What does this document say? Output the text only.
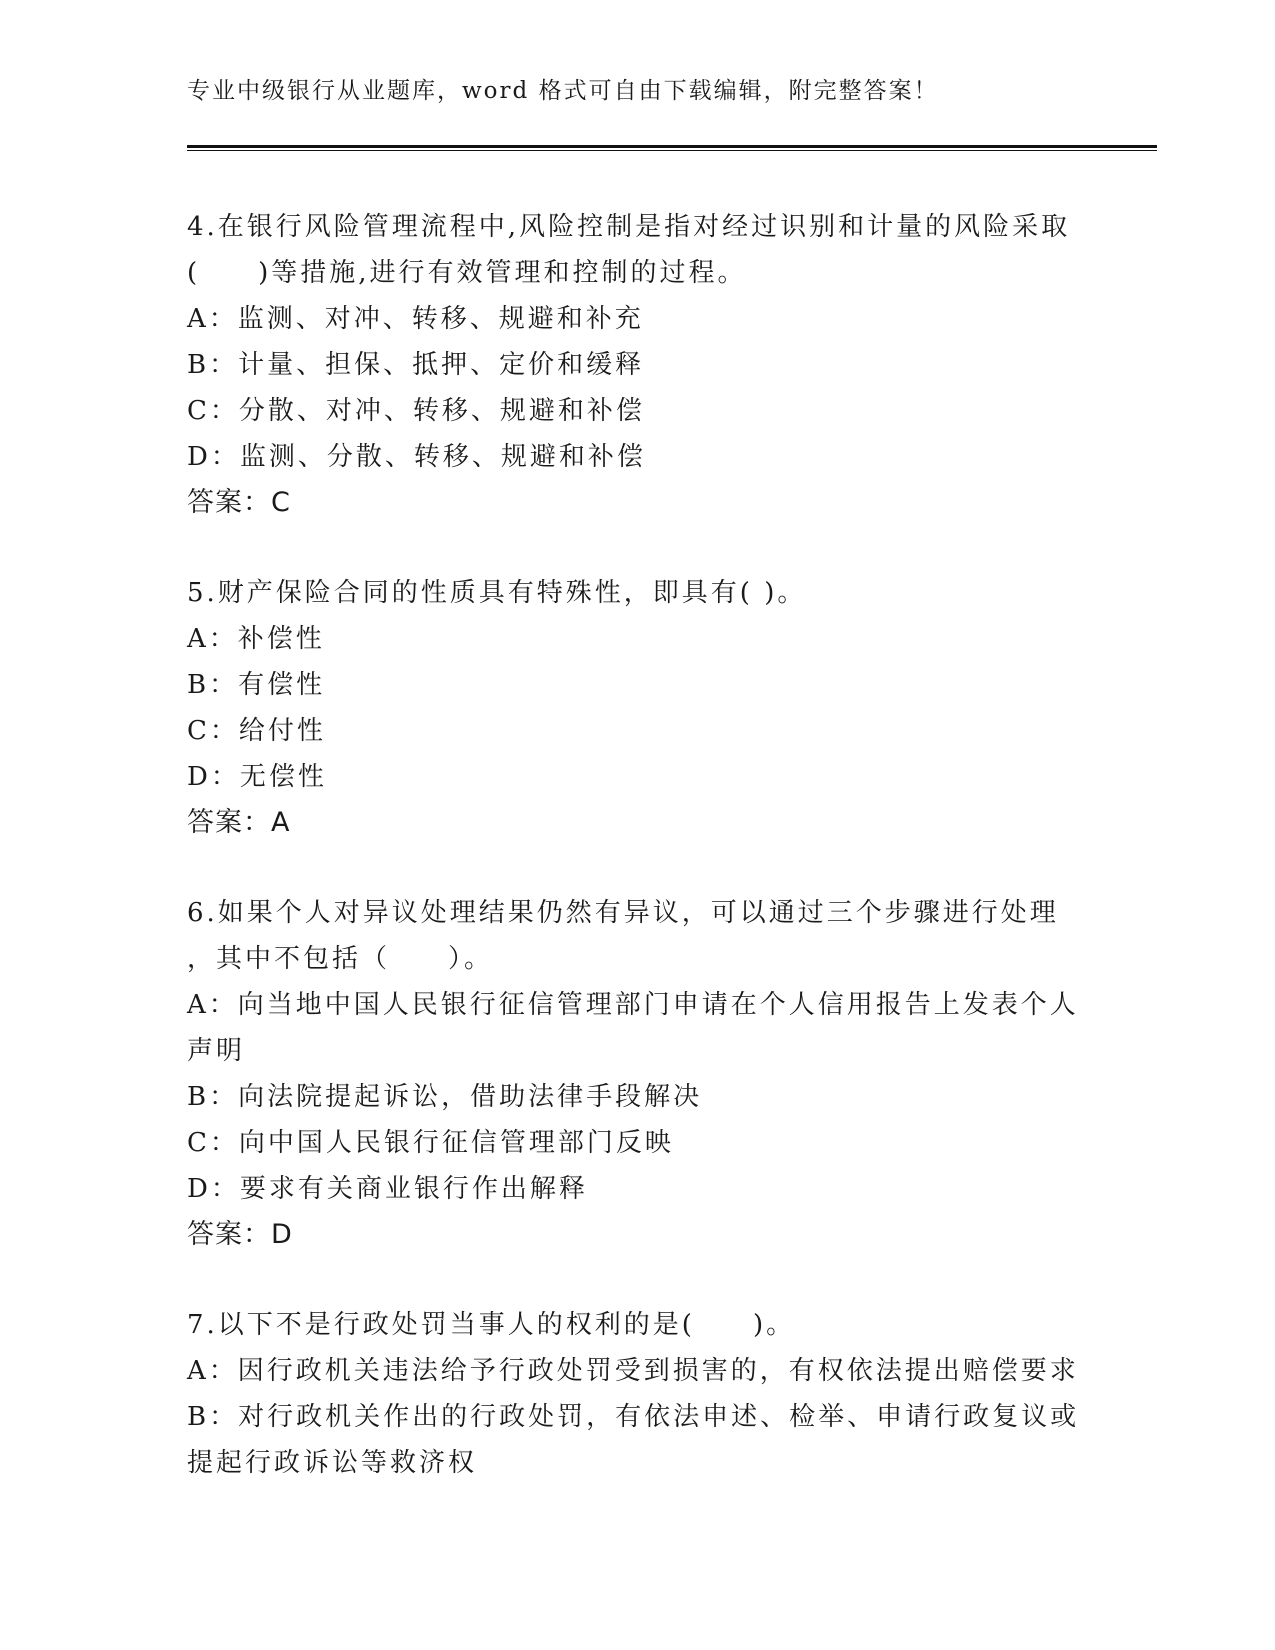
专业中级银行从业题库，word 格式可自由下载编辑，附完整答案！
4.在银行风险管理流程中,风险控制是指对经过识别和计量的风险采取
(　　)等措施,进行有效管理和控制的过程。
A：监测、对冲、转移、规避和补充
B：计量、担保、抵押、定价和缓释
C：分散、对冲、转移、规避和补偿
D：监测、分散、转移、规避和补偿
答案：C
5.财产保险合同的性质具有特殊性，即具有( )。
A：补偿性
B：有偿性
C：给付性
D：无偿性
答案：A
6.如果个人对异议处理结果仍然有异议，可以通过三个步骤进行处理
，其中不包括（　　）。
A：向当地中国人民银行征信管理部门申请在个人信用报告上发表个人
声明
B：向法院提起诉讼，借助法律手段解决
C：向中国人民银行征信管理部门反映
D：要求有关商业银行作出解释
答案：D
7.以下不是行政处罚当事人的权利的是(　　)。
A：因行政机关违法给予行政处罚受到损害的，有权依法提出赔偿要求
B：对行政机关作出的行政处罚，有依法申述、检举、申请行政复议或
提起行政诉讼等救济权
